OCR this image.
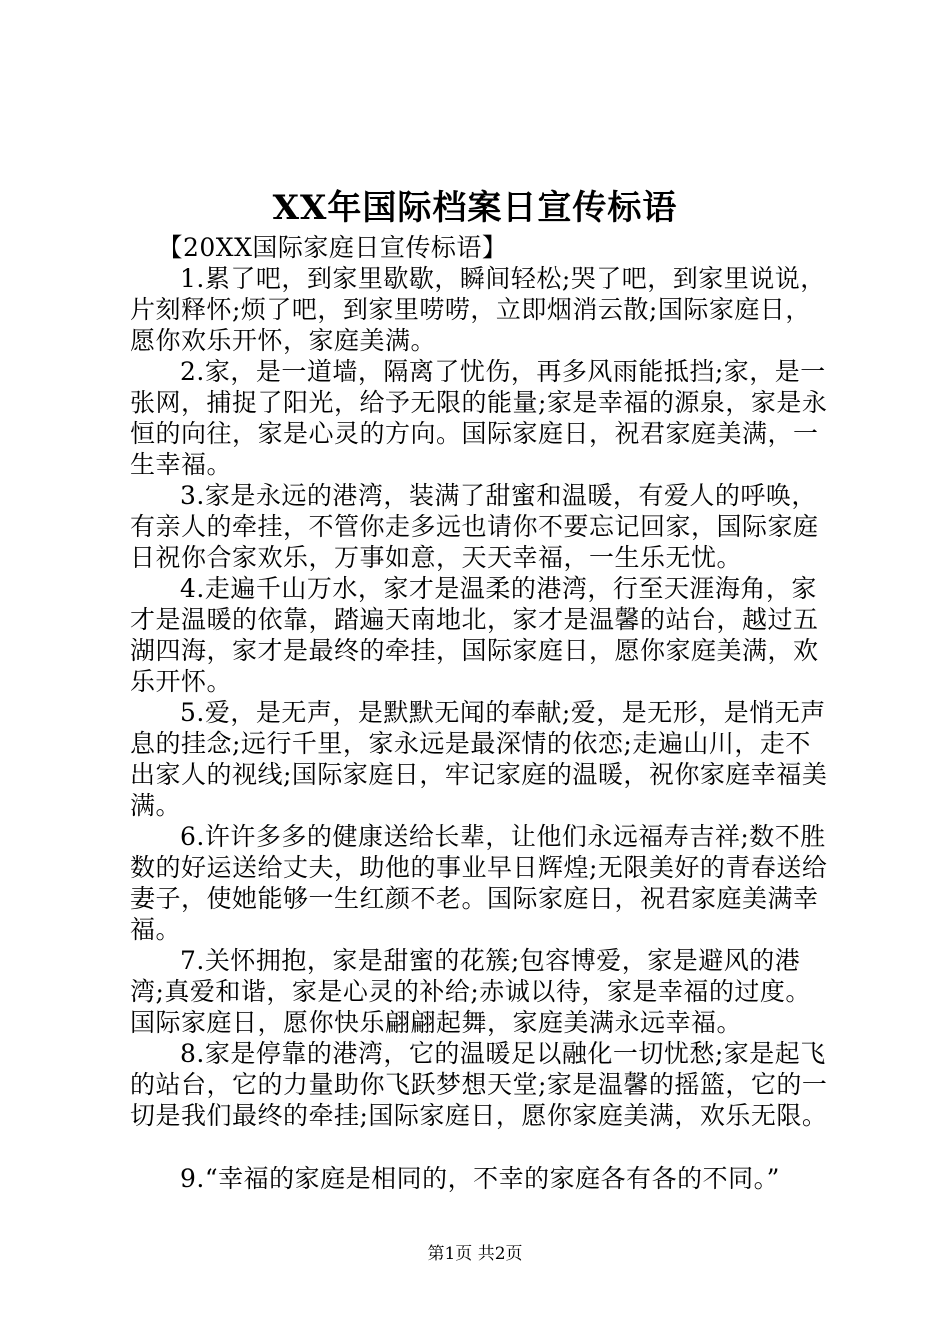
XX年国际档案日宣传标语

【20XX国际家庭日宣传标语】

1.累了吧，到家里歇歇，瞬间轻松;哭了吧，到家里说说，片刻释怀;烦了吧，到家里唠唠，立即烟消云散;国际家庭日，愿你欢乐开怀，家庭美满。

2.家，是一道墙，隔离了忧伤，再多风雨能抵挡;家，是一张网，捕捉了阳光，给予无限的能量;家是幸福的源泉，家是永恒的向往，家是心灵的方向。国际家庭日，祝君家庭美满，一生幸福。

3.家是永远的港湾，装满了甜蜜和温暖，有爱人的呼唤，有亲人的牵挂，不管你走多远也请你不要忘记回家，国际家庭日祝你合家欢乐，万事如意，天天幸福，一生乐无忧。

4.走遍千山万水，家才是温柔的港湾，行至天涯海角，家才是温暖的依靠，踏遍天南地北，家才是温馨的站台，越过五湖四海，家才是最终的牵挂，国际家庭日，愿你家庭美满，欢乐开怀。

5.爱，是无声，是默默无闻的奉献;爱，是无形，是悄无声息的挂念;远行千里，家永远是最深情的依恋;走遍山川，走不出家人的视线;国际家庭日，牢记家庭的温暖，祝你家庭幸福美满。

6.许许多多的健康送给长辈，让他们永远福寿吉祥;数不胜数的好运送给丈夫，助他的事业早日辉煌;无限美好的青春送给妻子，使她能够一生红颜不老。国际家庭日，祝君家庭美满幸福。

7.关怀拥抱，家是甜蜜的花簇;包容博爱，家是避风的港湾;真爱和谐，家是心灵的补给;赤诚以待，家是幸福的过度。国际家庭日，愿你快乐翩翩起舞，家庭美满永远幸福。

8.家是停靠的港湾，它的温暖足以融化一切忧愁;家是起飞的站台，它的力量助你飞跃梦想天堂;家是温馨的摇篮，它的一切是我们最终的牵挂;国际家庭日，愿你家庭美满，欢乐无限。

9.“幸福的家庭是相同的，不幸的家庭各有各的不同。”

第1页 共2页
